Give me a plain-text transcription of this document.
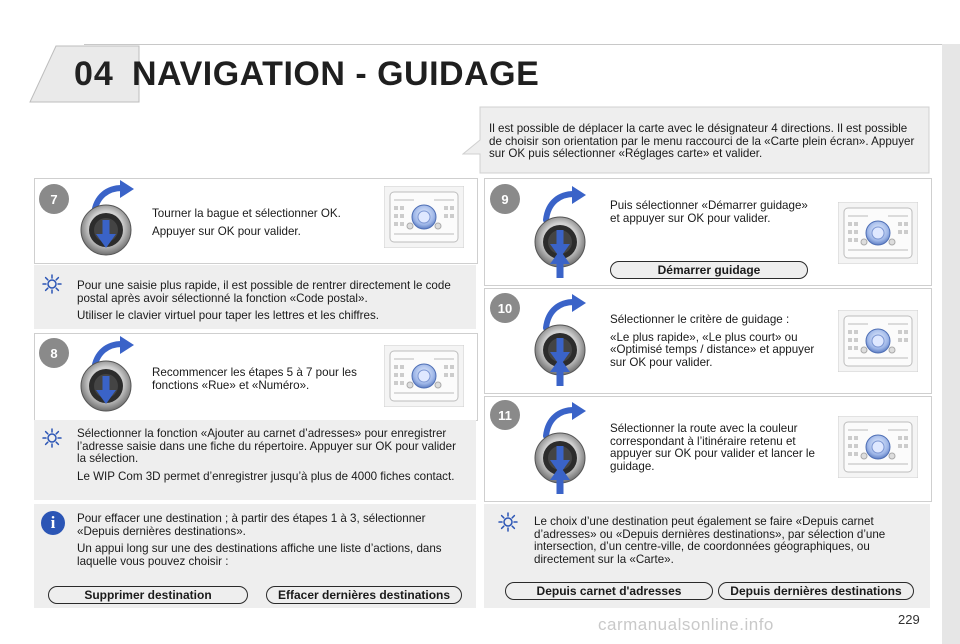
04 NAVIGATION - GUIDAGE
Il est possible de déplacer la carte avec le désignateur 4 directions. Il est possible de choisir son orientation par le menu raccourci de la «Carte plein écran». Appuyer sur OK puis sélectionner «Réglages carte» et valider.
7

Tourner la bague et sélectionner OK.

Appuyer sur OK pour valider.

Pour une saisie plus rapide, il est possible de rentrer directement le code postal après avoir sélectionné la fonction «Code postal».

Utiliser le clavier virtuel pour taper les lettres et les chiffres.

8
Recommencer les étapes 5 à 7 pour les fonctions «Rue» et «Numéro».

Sélectionner la fonction «Ajouter au carnet d’adresses» pour enregistrer l’adresse saisie dans une fiche du répertoire. Appuyer sur OK pour valider la sélection.

Le WIP Com 3D permet d’enregistrer jusqu’à plus de 4000 fiches contact.

i	Pour effacer une destination ; à partir des étapes 1 à 3, sélectionner «Depuis dernières destinations».

Un appui long sur une des destinations affiche une liste d’actions, dans laquelle vous pouvez choisir :

Supprimer destination	Effacer dernières destinations
9	Puis sélectionner «Démarrer guidage» et appuyer sur OK pour valider.
Démarrer guidage
10

Sélectionner le critère de guidage :

«Le plus rapide», «Le plus court» ou «Optimisé temps / distance» et appuyer sur OK pour valider.

11
Sélectionner la route avec la couleur correspondant à l’itinéraire retenu et appuyer sur OK pour valider et lancer le guidage.
Le choix d’une destination peut également se faire «Depuis carnet d’adresses» ou «Depuis dernières destinations», par sélection d’une intersection, d’un centre-ville, de coordonnées géographiques, ou directement sur la «Carte».
Depuis carnet d'adresses	Depuis dernières destinations
carmanualsonline.info	229
